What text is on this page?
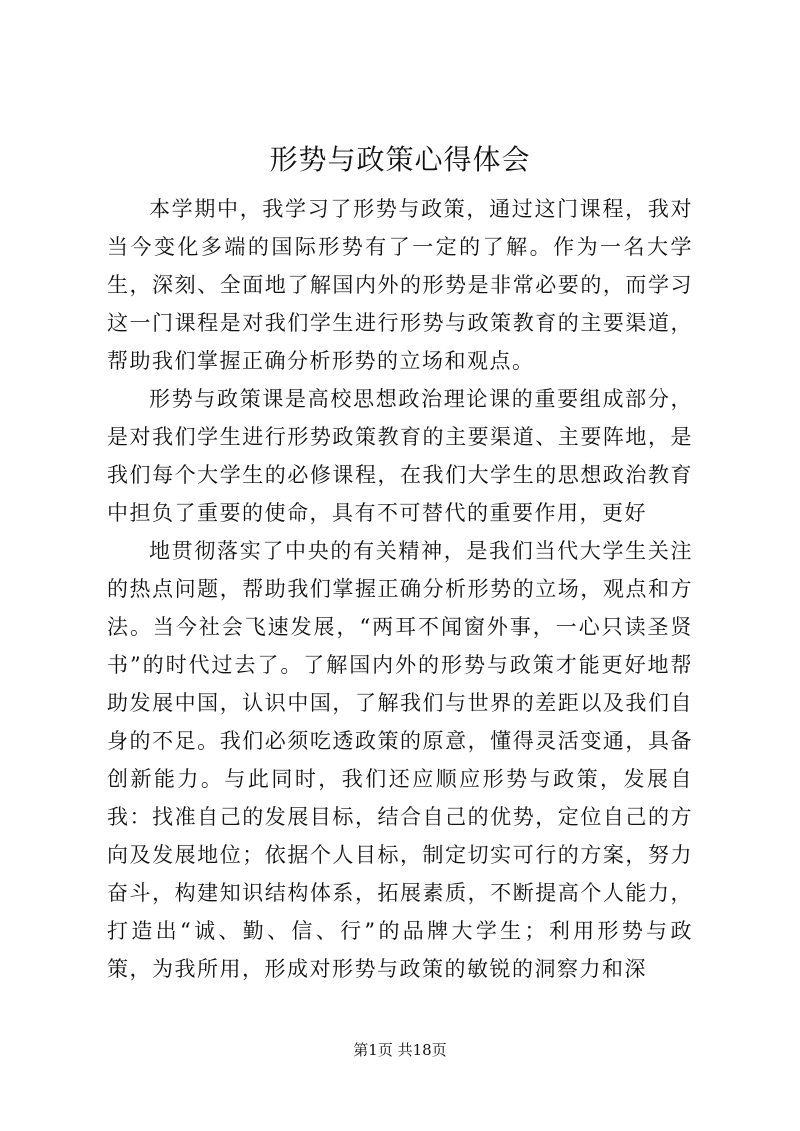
形势与政策心得体会

本学期中，我学习了形势与政策，通过这门课程，我对当今变化多端的国际形势有了一定的了解。作为一名大学生，深刻、全面地了解国内外的形势是非常必要的，而学习这一门课程是对我们学生进行形势与政策教育的主要渠道，帮助我们掌握正确分析形势的立场和观点。

形势与政策课是高校思想政治理论课的重要组成部分，是对我们学生进行形势政策教育的主要渠道、主要阵地，是我们每个大学生的必修课程，在我们大学生的思想政治教育中担负了重要的使命，具有不可替代的重要作用，更好

地贯彻落实了中央的有关精神，是我们当代大学生关注的热点问题，帮助我们掌握正确分析形势的立场，观点和方法。当今社会飞速发展，“两耳不闻窗外事，一心只读圣贤书”的时代过去了。了解国内外的形势与政策才能更好地帮助发展中国，认识中国，了解我们与世界的差距以及我们自身的不足。我们必须吃透政策的原意，懂得灵活变通，具备创新能力。与此同时，我们还应顺应形势与政策，发展自我：找准自己的发展目标，结合自己的优势，定位自己的方向及发展地位；依据个人目标，制定切实可行的方案，努力奋斗，构建知识结构体系，拓展素质，不断提高个人能力，打造出“诚、勤、信、行”的品牌大学生；利用形势与政策，为我所用，形成对形势与政策的敏锐的洞察力和深

第1页 共18页
